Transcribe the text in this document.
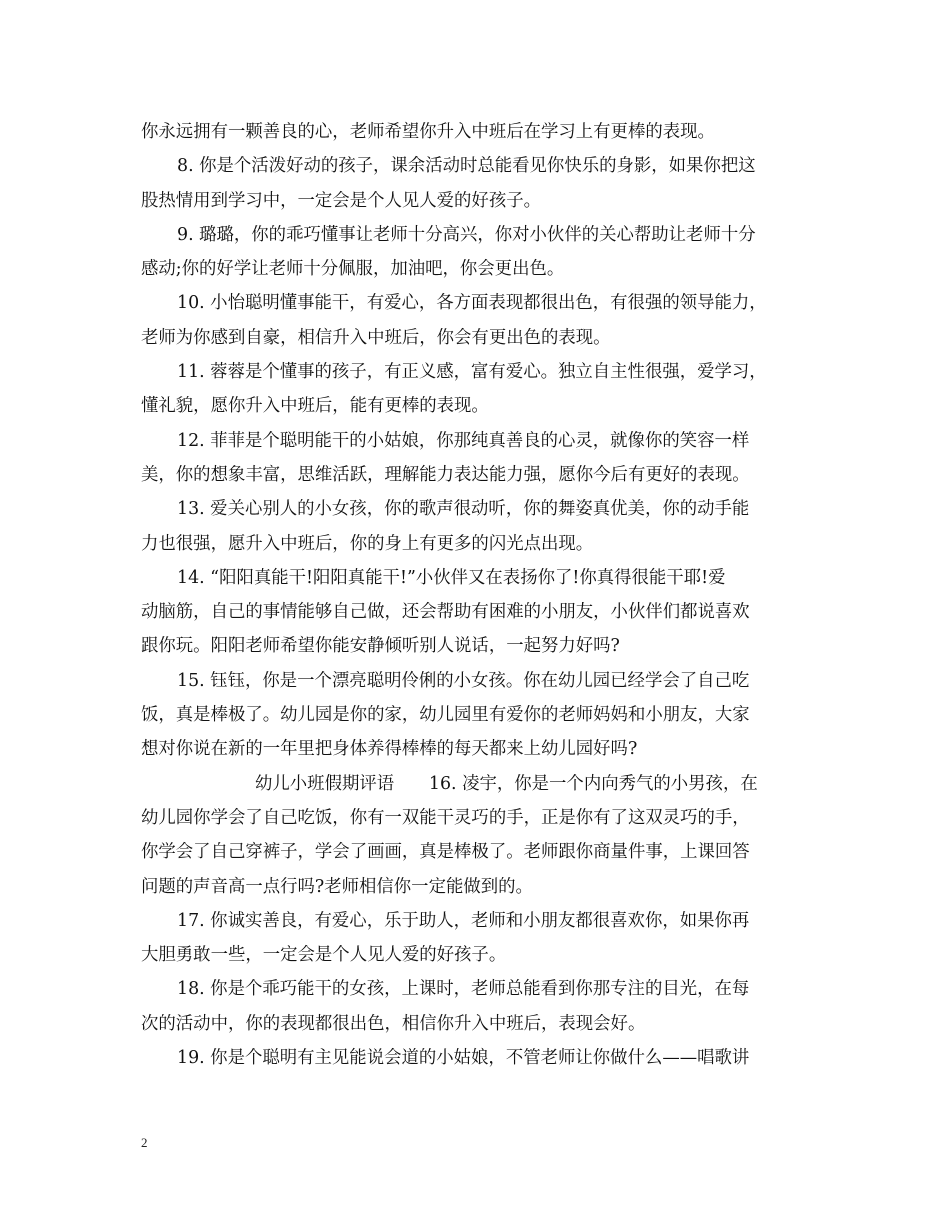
你永远拥有一颗善良的心，老师希望你升入中班后在学习上有更棒的表现。
8. 你是个活泼好动的孩子，课余活动时总能看见你快乐的身影，如果你把这
股热情用到学习中，一定会是个人见人爱的好孩子。
9. 璐璐，你的乖巧懂事让老师十分高兴，你对小伙伴的关心帮助让老师十分
感动;你的好学让老师十分佩服，加油吧，你会更出色。
10. 小怡聪明懂事能干，有爱心，各方面表现都很出色，有很强的领导能力，
老师为你感到自豪，相信升入中班后，你会有更出色的表现。
11. 蓉蓉是个懂事的孩子，有正义感，富有爱心。独立自主性很强，爱学习，
懂礼貌，愿你升入中班后，能有更棒的表现。
12. 菲菲是个聪明能干的小姑娘，你那纯真善良的心灵，就像你的笑容一样
美，你的想象丰富，思维活跃，理解能力表达能力强，愿你今后有更好的表现。
13. 爱关心别人的小女孩，你的歌声很动听，你的舞姿真优美，你的动手能
力也很强，愿升入中班后，你的身上有更多的闪光点出现。
14. “阳阳真能干!阳阳真能干!”小伙伴又在表扬你了!你真得很能干耶!爱
动脑筋，自己的事情能够自己做，还会帮助有困难的小朋友，小伙伴们都说喜欢
跟你玩。阳阳老师希望你能安静倾听别人说话，一起努力好吗?
15. 钰钰，你是一个漂亮聪明伶俐的小女孩。你在幼儿园已经学会了自己吃
饭，真是棒极了。幼儿园是你的家，幼儿园里有爱你的老师妈妈和小朋友，大家
想对你说在新的一年里把身体养得棒棒的每天都来上幼儿园好吗?
幼儿小班假期评语　　16. 凌宇，你是一个内向秀气的小男孩，在
幼儿园你学会了自己吃饭，你有一双能干灵巧的手，正是你有了这双灵巧的手，
你学会了自己穿裤子，学会了画画，真是棒极了。老师跟你商量件事，上课回答
问题的声音高一点行吗?老师相信你一定能做到的。
17. 你诚实善良，有爱心，乐于助人，老师和小朋友都很喜欢你，如果你再
大胆勇敢一些，一定会是个人见人爱的好孩子。
18. 你是个乖巧能干的女孩，上课时，老师总能看到你那专注的目光，在每
次的活动中，你的表现都很出色，相信你升入中班后，表现会好。
19. 你是个聪明有主见能说会道的小姑娘，不管老师让你做什么——唱歌讲
2
